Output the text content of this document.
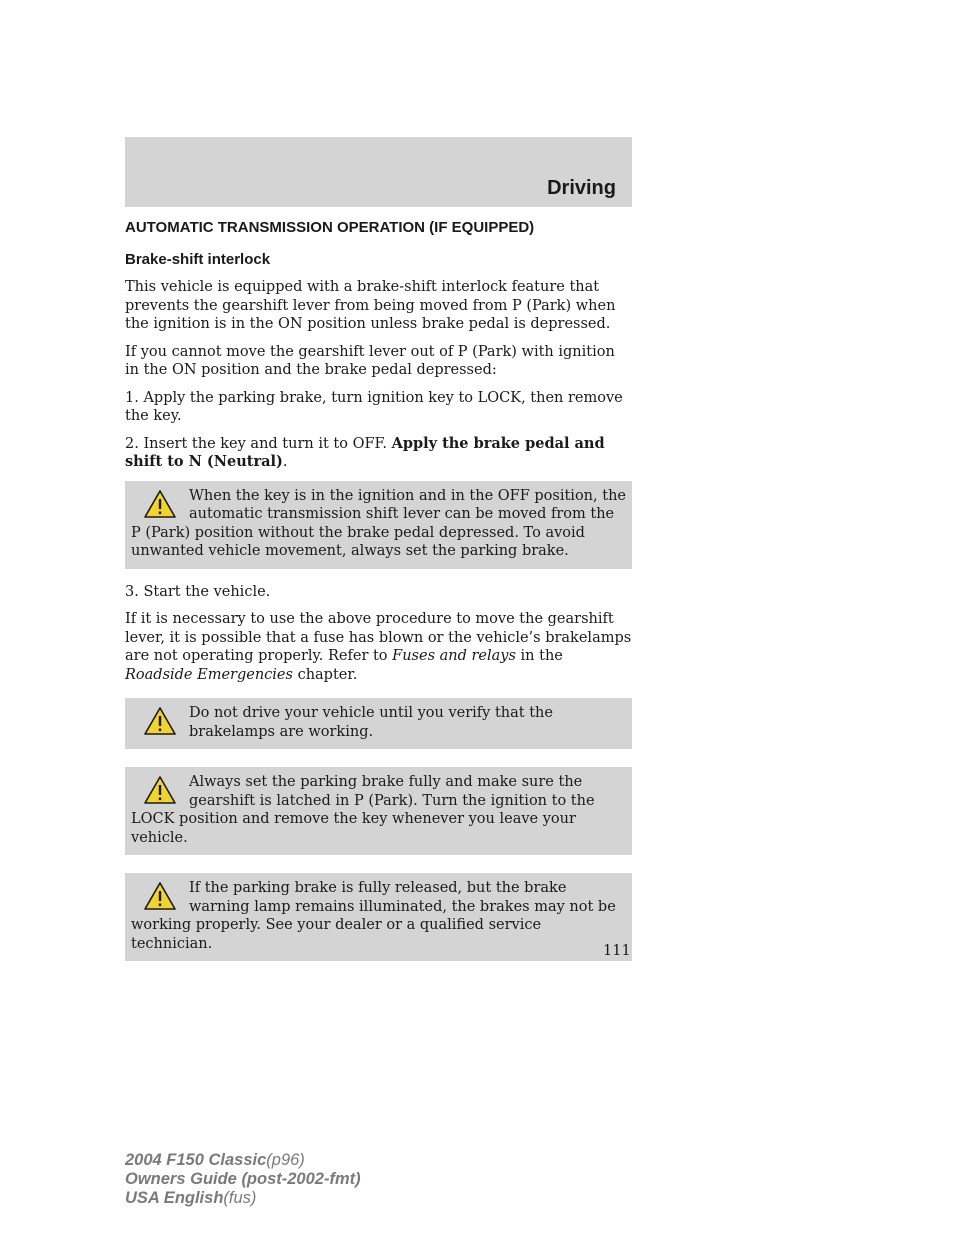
Driving
AUTOMATIC TRANSMISSION OPERATION (IF EQUIPPED)
Brake-shift interlock

This vehicle is equipped with a brake-shift interlock feature that prevents the gearshift lever from being moved from P (Park) when the ignition is in the ON position unless brake pedal is depressed.

If you cannot move the gearshift lever out of P (Park) with ignition in the ON position and the brake pedal depressed:

1. Apply the parking brake, turn ignition key to LOCK, then remove the key.

2. Insert the key and turn it to OFF. Apply the brake pedal and shift to N (Neutral).

When the key is in the ignition and in the OFF position, the automatic transmission shift lever can be moved from the P (Park) position without the brake pedal depressed. To avoid unwanted vehicle movement, always set the parking brake.

3. Start the vehicle.

If it is necessary to use the above procedure to move the gearshift lever, it is possible that a fuse has blown or the vehicle’s brakelamps are not operating properly. Refer to Fuses and relays in the Roadside Emergencies chapter.

Do not drive your vehicle until you verify that the brakelamps are working.
Always set the parking brake fully and make sure the gearshift is latched in P (Park). Turn the ignition to the LOCK position and remove the key whenever you leave your vehicle.
If the parking brake is fully released, but the brake warning lamp remains illuminated, the brakes may not be working properly. See your dealer or a qualified service technician.	111
2004 F150 Classic(p96)
Owners Guide (post-2002-fmt)
USA English(fus)
